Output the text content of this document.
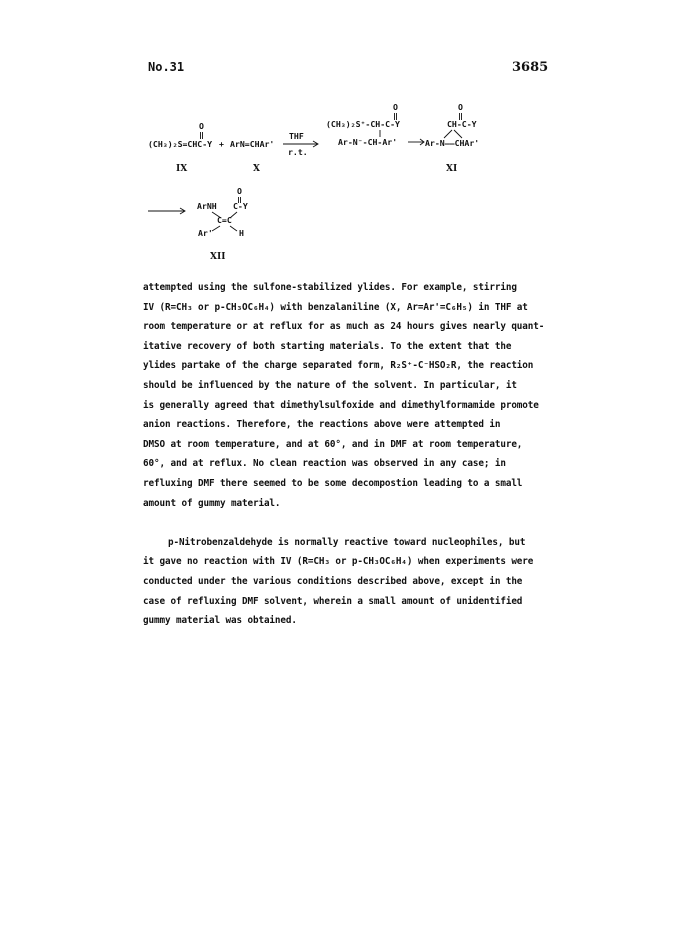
No.31	3685
O
(CH₃)₂S=CHC-Y
IX
+ ArN=CHAr'
X
THF
r.t.
O
(CH₃)₂S⁺-CH-C-Y
Ar-N⁻-CH-Ar'
O
CH-C-Y
Ar-N——CHAr'
XI
O
ArNH C-Y
C=C
Ar'	H
XII

attempted using the sulfone-stabilized ylides. For example, stirring
IV (R=CH₃ or p-CH₃OC₆H₄) with benzalaniline (X, Ar=Ar'=C₆H₅) in THF at
room temperature or at reflux for as much as 24 hours gives nearly quant-
itative recovery of both starting materials. To the extent that the
ylides partake of the charge separated form, R₂S⁺-C⁻HSO₂R, the reaction
should be influenced by the nature of the solvent. In particular, it
is generally agreed that dimethylsulfoxide and dimethylformamide promote
anion reactions. Therefore, the reactions above were attempted in
DMSO at room temperature, and at 60°, and in DMF at room temperature,
60°, and at reflux. No clean reaction was observed in any case; in
refluxing DMF there seemed to be some decompostion leading to a small
amount of gummy material.

p-Nitrobenzaldehyde is normally reactive toward nucleophiles, but
it gave no reaction with IV (R=CH₃ or p-CH₃OC₆H₄) when experiments were
conducted under the various conditions described above, except in the
case of refluxing DMF solvent, wherein a small amount of unidentified
gummy material was obtained.
